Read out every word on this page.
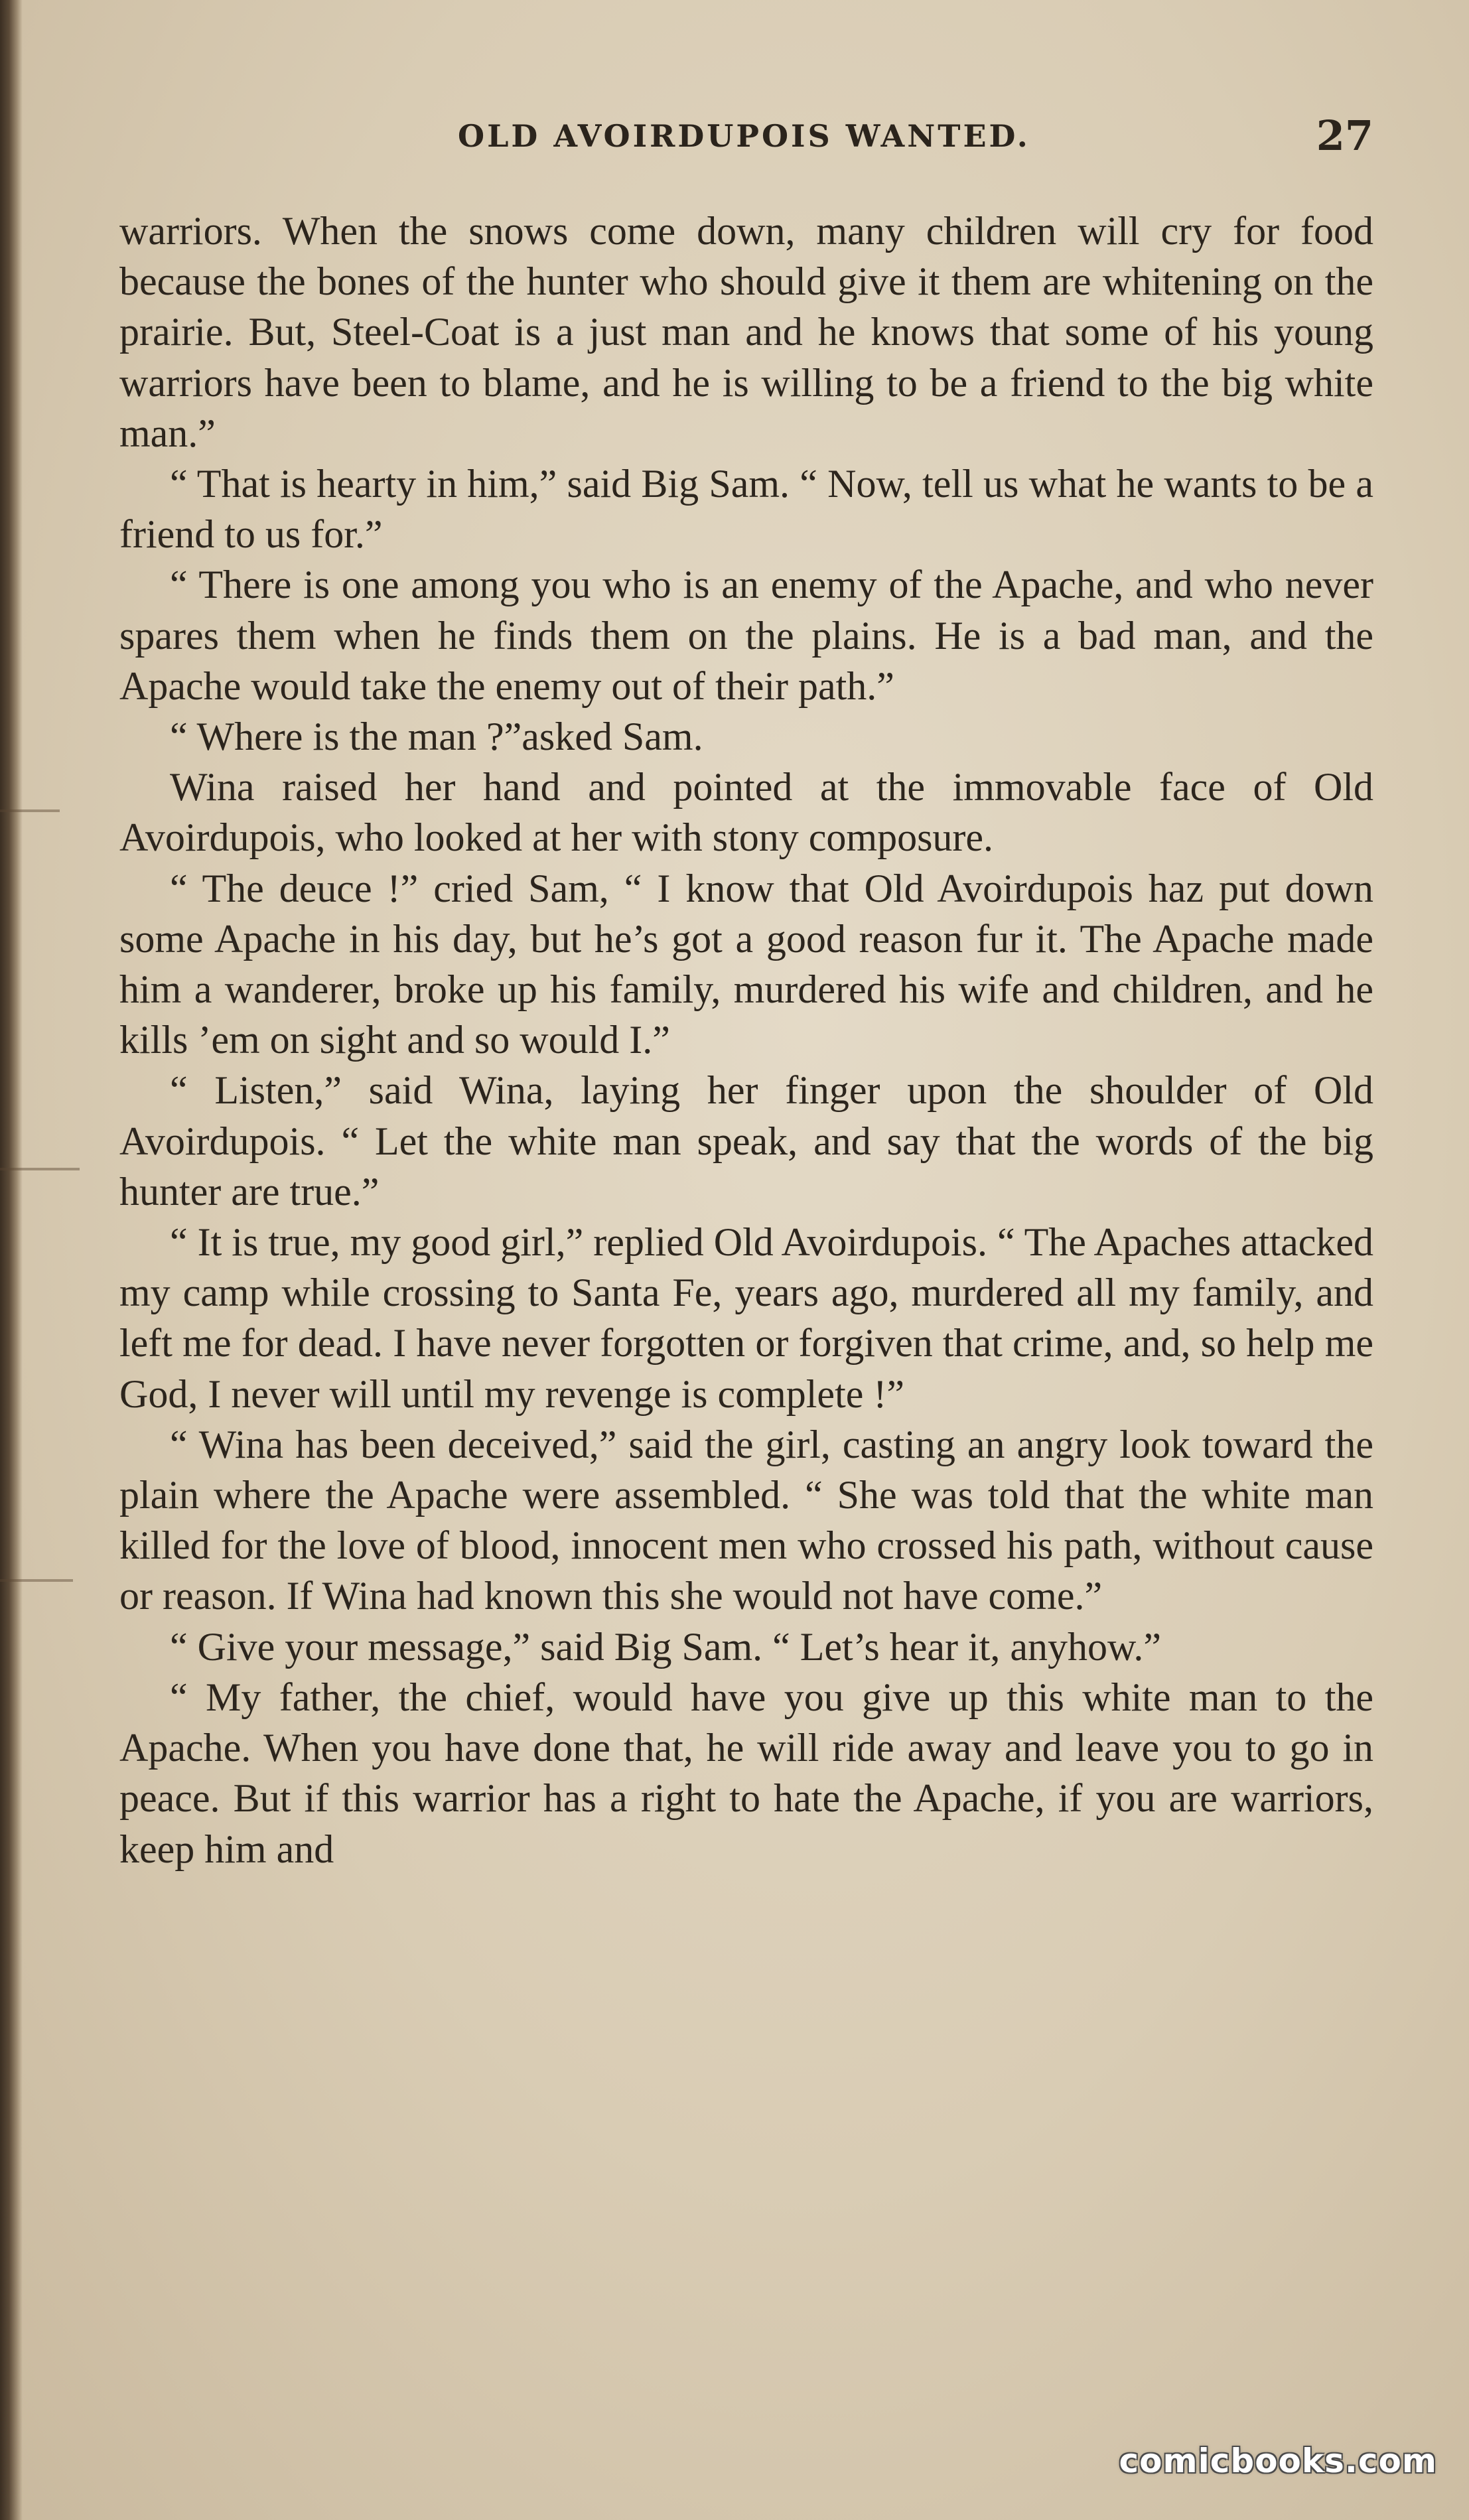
OLD AVOIRDUPOIS WANTED.	27

warriors. When the snows come down, many children will cry for food because the bones of the hunter who should give it them are whitening on the prairie. But, Steel-Coat is a just man and he knows that some of his young warriors have been to blame, and he is willing to be a friend to the big white man.”

“ That is hearty in him,” said Big Sam. “ Now, tell us what he wants to be a friend to us for.”

“ There is one among you who is an enemy of the Apache, and who never spares them when he finds them on the plains. He is a bad man, and the Apache would take the enemy out of their path.”

“ Where is the man ?”asked Sam.

Wina raised her hand and pointed at the immovable face of Old Avoirdupois, who looked at her with stony composure.

“ The deuce !” cried Sam, “ I know that Old Avoirdupois haz put down some Apache in his day, but he’s got a good reason fur it. The Apache made him a wanderer, broke up his family, murdered his wife and children, and he kills ’em on sight and so would I.”

“ Listen,” said Wina, laying her finger upon the shoulder of Old Avoirdupois. “ Let the white man speak, and say that the words of the big hunter are true.”

“ It is true, my good girl,” replied Old Avoirdupois. “ The Apaches attacked my camp while crossing to Santa Fe, years ago, murdered all my family, and left me for dead. I have never forgotten or forgiven that crime, and, so help me God, I never will until my revenge is complete !”

“ Wina has been deceived,” said the girl, casting an angry look toward the plain where the Apache were assembled. “ She was told that the white man killed for the love of blood, innocent men who crossed his path, without cause or reason. If Wina had known this she would not have come.”

“ Give your message,” said Big Sam. “ Let’s hear it, anyhow.”

“ My father, the chief, would have you give up this white man to the Apache. When you have done that, he will ride away and leave you to go in peace. But if this warrior has a right to hate the Apache, if you are warriors, keep him and

comicbooks.com
